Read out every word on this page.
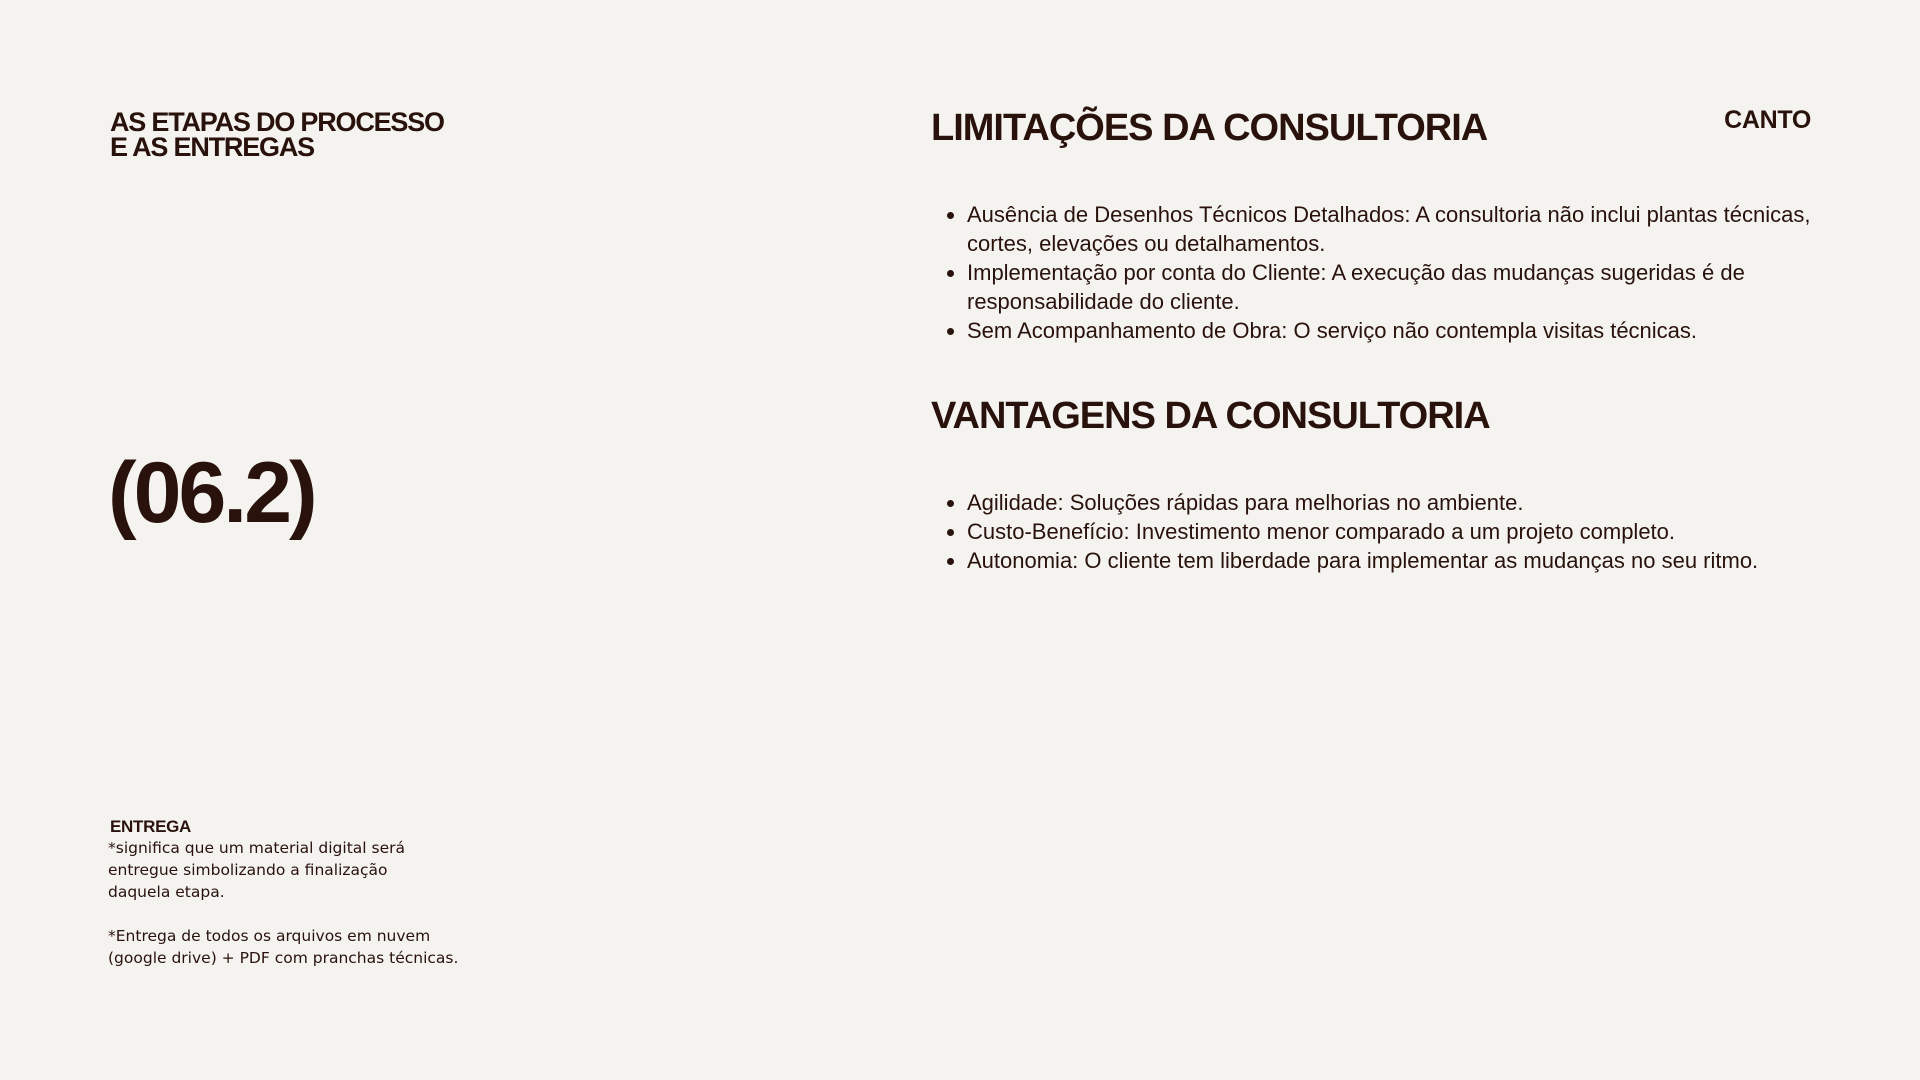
AS ETAPAS DO PROCESSO
E AS ENTREGAS
CANTO
(06.2)
LIMITAÇÕES DA CONSULTORIA
• Ausência de Desenhos Técnicos Detalhados: A consultoria não inclui plantas técnicas, cortes, elevações ou detalhamentos.
• Implementação por conta do Cliente: A execução das mudanças sugeridas é de responsabilidade do cliente.
• Sem Acompanhamento de Obra: O serviço não contempla visitas técnicas.
VANTAGENS DA CONSULTORIA
• Agilidade: Soluções rápidas para melhorias no ambiente.
• Custo-Benefício: Investimento menor comparado a um projeto completo.
• Autonomia: O cliente tem liberdade para implementar as mudanças no seu ritmo.
ENTREGA

*significa que um material digital será
entregue simbolizando a finalização
daquela etapa.

*Entrega de todos os arquivos em nuvem
(google drive) + PDF com pranchas técnicas.
